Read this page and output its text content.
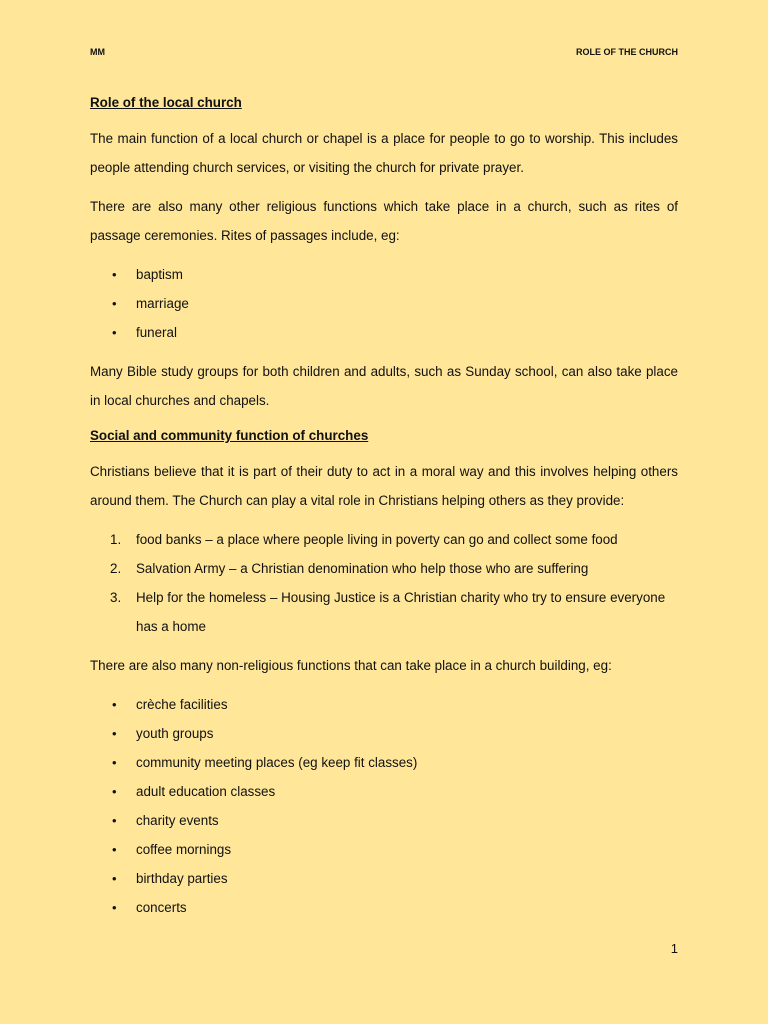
MM	ROLE OF THE CHURCH
Role of the local church
The main function of a local church or chapel is a place for people to go to worship. This includes people attending church services, or visiting the church for private prayer.
There are also many other religious functions which take place in a church, such as rites of passage ceremonies. Rites of passages include, eg:
• baptism
• marriage
• funeral
Many Bible study groups for both children and adults, such as Sunday school, can also take place in local churches and chapels.
Social and community function of churches
Christians believe that it is part of their duty to act in a moral way and this involves helping others around them. The Church can play a vital role in Christians helping others as they provide:
1. food banks – a place where people living in poverty can go and collect some food
2. Salvation Army – a Christian denomination who help those who are suffering
3. Help for the homeless – Housing Justice is a Christian charity who try to ensure everyone has a home
There are also many non-religious functions that can take place in a church building, eg:
• crèche facilities
• youth groups
• community meeting places (eg keep fit classes)
• adult education classes
• charity events
• coffee mornings
• birthday parties
• concerts
1
